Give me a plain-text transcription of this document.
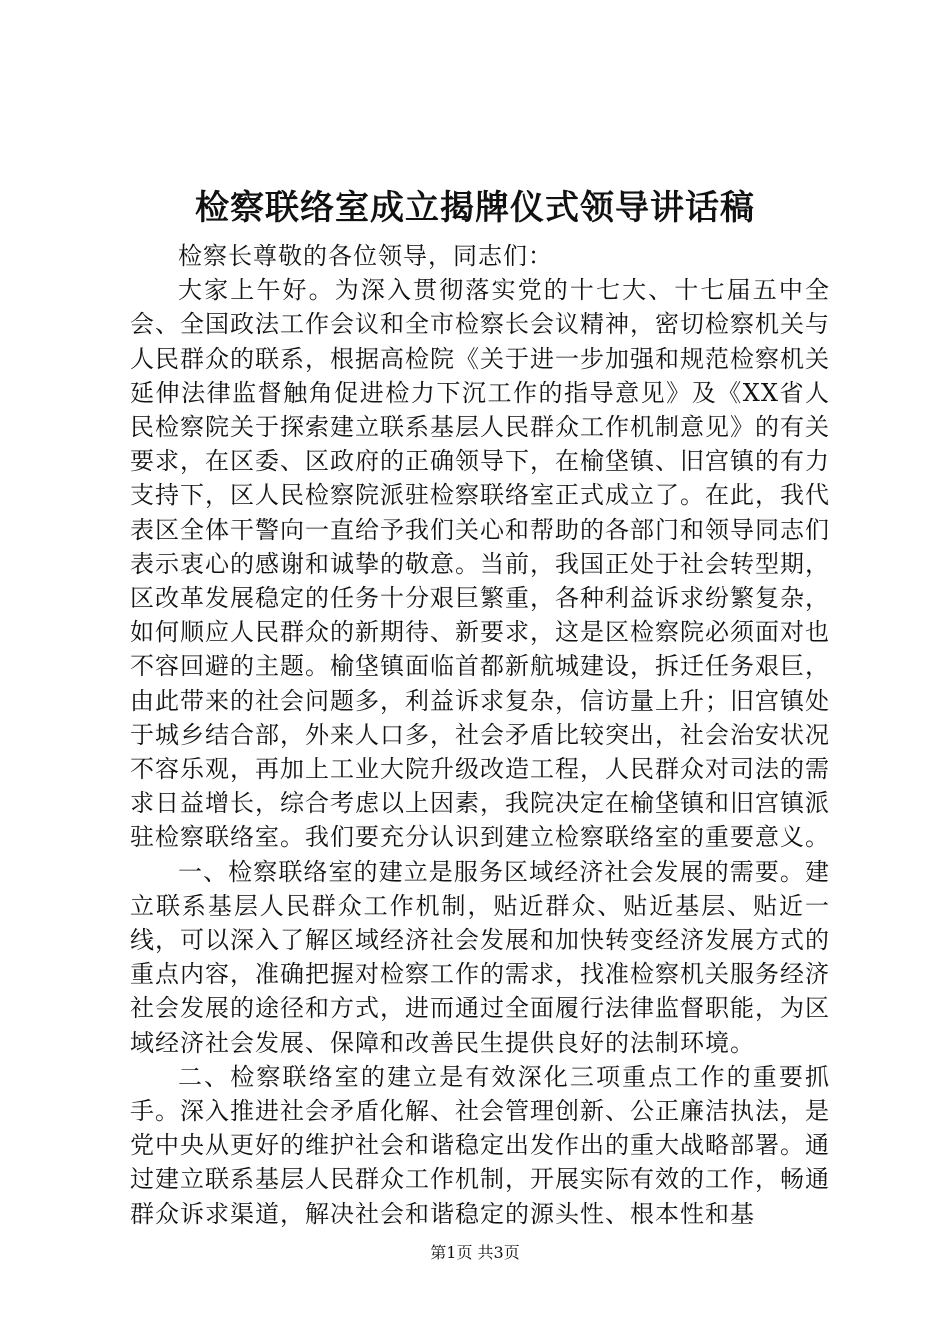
检察联络室成立揭牌仪式领导讲话稿

检察长尊敬的各位领导，同志们：

大家上午好。为深入贯彻落实党的十七大、十七届五中全会、全国政法工作会议和全市检察长会议精神，密切检察机关与人民群众的联系，根据高检院《关于进一步加强和规范检察机关延伸法律监督触角促进检力下沉工作的指导意见》及《XX省人民检察院关于探索建立联系基层人民群众工作机制意见》的有关要求，在区委、区政府的正确领导下，在榆垡镇、旧宫镇的有力支持下，区人民检察院派驻检察联络室正式成立了。在此，我代表区全体干警向一直给予我们关心和帮助的各部门和领导同志们表示衷心的感谢和诚挚的敬意。当前，我国正处于社会转型期，区改革发展稳定的任务十分艰巨繁重，各种利益诉求纷繁复杂，如何顺应人民群众的新期待、新要求，这是区检察院必须面对也不容回避的主题。榆垡镇面临首都新航城建设，拆迁任务艰巨，由此带来的社会问题多，利益诉求复杂，信访量上升；旧宫镇处于城乡结合部，外来人口多，社会矛盾比较突出，社会治安状况不容乐观，再加上工业大院升级改造工程，人民群众对司法的需求日益增长，综合考虑以上因素，我院决定在榆垡镇和旧宫镇派驻检察联络室。我们要充分认识到建立检察联络室的重要意义。

一、检察联络室的建立是服务区域经济社会发展的需要。建立联系基层人民群众工作机制，贴近群众、贴近基层、贴近一线，可以深入了解区域经济社会发展和加快转变经济发展方式的重点内容，准确把握对检察工作的需求，找准检察机关服务经济社会发展的途径和方式，进而通过全面履行法律监督职能，为区域经济社会发展、保障和改善民生提供良好的法制环境。

二、检察联络室的建立是有效深化三项重点工作的重要抓手。深入推进社会矛盾化解、社会管理创新、公正廉洁执法，是党中央从更好的维护社会和谐稳定出发作出的重大战略部署。通过建立联系基层人民群众工作机制，开展实际有效的工作，畅通群众诉求渠道，解决社会和谐稳定的源头性、根本性和基

第1页 共3页
